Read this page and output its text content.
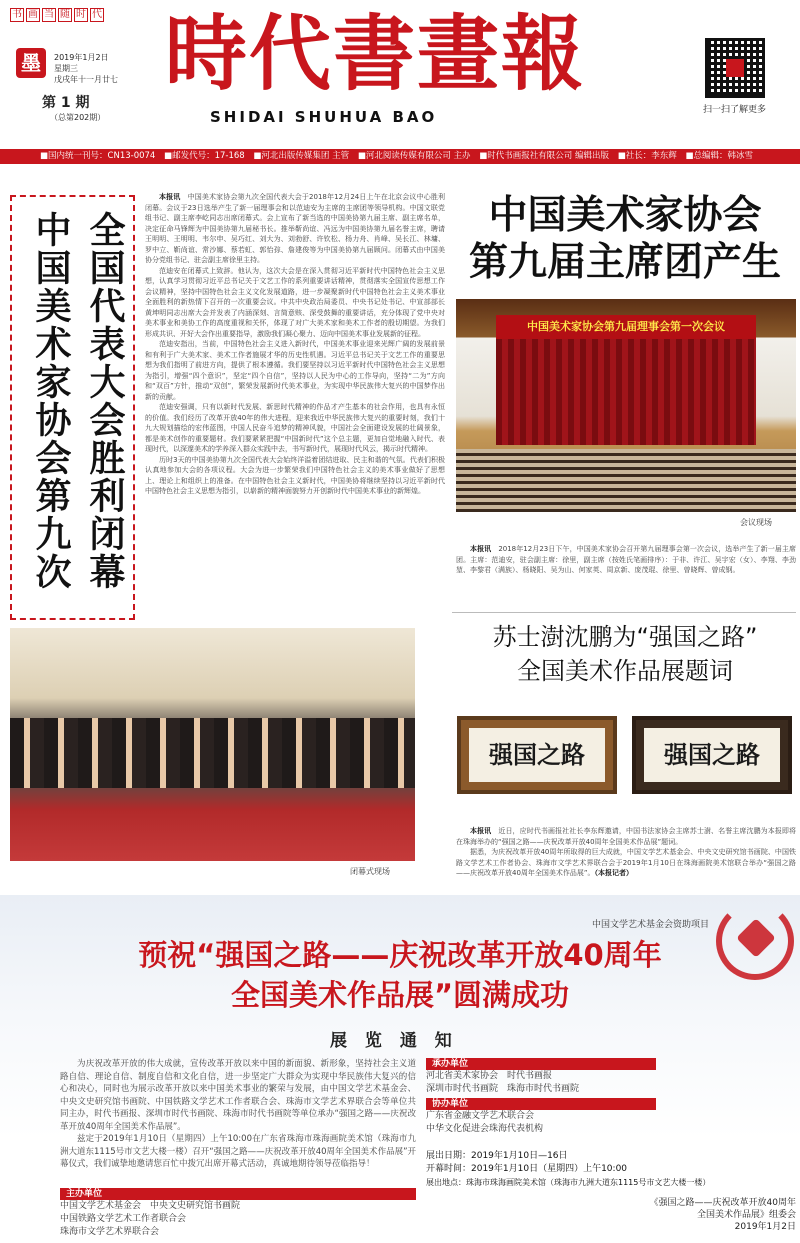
书 画 当 随 时 代
墨	2019年1月2日
星期三
戊戌年十一月廿七
第 1 期
（总第202期）
時代書畫報
SHIDAI SHUHUA BAO	扫一扫了解更多
■国内统一刊号：CN13-0074 ■邮发代号：17-168 ■河北出版传媒集团 主管 ■河北阅读传媒有限公司 主办 ■时代书画报社有限公司 编辑出版 ■社长：李东辉 ■总编辑：韩冰雪
全国代表大会胜利闭幕
中国美术家协会第九次

本报讯　 中国美术家协会第九次全国代表大会于2018年12月24日上午在北京会议中心胜利闭幕。会议于23日选举产生了新一届理事会和以范迪安为主席的主席团等领导机构。中国文联党组书记、副主席李屹同志出席闭幕式。会上宣布了新当选的中国美协第九届主席、副主席名单，决定征命马锋辉为中国美协第九届秘书长。推举靳尚谊、冯远为中国美协第九届名誉主席，聘请王明明、王明明、韦尔申、吴巧红、刘大为、刘勃舒、许钦松、杨力舟、肖峰、吴长江、林墉、罗中立、靳尚谊、常沙娜、蔡若虹、郭怡孮、詹建俊等为中国美协第九届顾问。闭幕式由中国美协分党组书记、驻会副主席徐里主持。

范迪安在闭幕式上致辞。他认为，这次大会是在深入贯彻习近平新时代中国特色社会主义思想，认真学习贯彻习近平总书记关于文艺工作的系列重要讲话精神，贯彻落实全国宣传思想工作会议精神，坚持中国特色社会主义文化发展道路，进一步凝聚新时代中国特色社会主义美术事业全面胜利的新热情下召开的一次重要会议。中共中央政治局委员、中央书记处书记、中宣部部长黄坤明同志出席大会并发表了内涵深刻、言简意赅、深受鼓舞的重要讲话，充分体现了党中央对美术事业和美协工作的高度重视和关怀，体现了对广大美术家和美术工作者的殷切期望。为我们形成共识、开好大会作出重要指导，激励我们凝心聚力、迈向中国美术事业发展新的征程。

范迪安指出，当前，中国特色社会主义进入新时代，中国美术事业迎来光辉广阔的发展前景和有利于广大美术家、美术工作者施展才华的历史性机遇。习近平总书记关于文艺工作的重要思想为我们指明了前进方向，提供了根本遵循。我们要坚持以习近平新时代中国特色社会主义思想为指引，增强“四个意识”，坚定“四个自信”，坚持以人民为中心的工作导向，坚持“二为”方向和“双百”方针，推动“双创”，繁荣发展新时代美术事业，为实现中华民族伟大复兴的中国梦作出新的贡献。

范迪安强调，只有以新时代发展、新思时代精神的作品才产生基本的社会作用，也具有永恒的价值。我们经历了改革开放40年的伟大进程，迎来我近中华民族伟大复兴的重要时刻，我们十九大规划描绘的宏伟蓝图，中国人民奋斗追梦的精神风貌，中国社会全面建设发展的壮阔景象，都是美术创作的重要题材。我们要紧紧把握“中国新时代”这个总主题，更加自觉地融入时代、表现时代，以深邃美术的学养深入群众实践中去，书写新时代，展现时代风云，揭示时代精神。

历时3天的中国美协第九次全国代表大会始终洋溢着团结进取、民主和谐的气氛。代表们积极认真地参加大会的各项议程。大会为进一步繁荣我们中国特色社会主义的美术事业做好了思想上、理论上和组织上的准备。在中国特色社会主义新时代，中国美协将继续坚持以习近平新时代中国特色社会主义思想为指引，以崭新的精神面貌努力开创新时代中国美术事业的新辉煌。

中国美术家协会
第九届主席团产生
中国美术家协会第九届理事会第一次会议
会议现场

本报讯　 2018年12月23日下午，中国美术家协会召开第九届理事会第一次会议，选举产生了新一届主席团。主席：范迪安，驻会副主席：徐里，副主席（按姓氏笔画排序）：于非、许江、吴宇宏（女）、李翔、李劲堃、李黎君（满族）、杨晓阳、吴为山、何家英、周京新、庞茂琨、徐里、曾晓辉、曾成钢。

闭幕式现场
苏士澍沈鹏为“强国之路”
全国美术作品展题词
强国之路	强国之路

本报讯　 近日，应时代书画报社社长李东辉邀请，中国书法家协会主席苏士澍、名誉主席沈鹏为本报即将在珠海举办的“强国之路——庆祝改革开放40周年全国美术作品展”题词。

据悉，为庆祝改革开放40周年所取得的巨大成就，中国文学艺术基金会、中央文史研究馆书画院、中国铁路文学艺术工作者协会、珠海市文学艺术界联合会于2019年1月10日在珠海画院美术馆联合举办“强国之路——庆祝改革开放40周年全国美术作品展”。（本报记者）

中国文学艺术基金会资助项目
预祝“强国之路——庆祝改革开放40周年
全国美术作品展”圆满成功
展 览 通 知

为庆祝改革开放的伟大成就，宣传改革开放以来中国的新面貌、新形象，坚持社会主义道路自信、理论自信、制度自信和文化自信，进一步坚定广大群众为实现中华民族伟大复兴的信心和决心，同时也为展示改革开放以来中国美术事业的繁荣与发展，由中国文学艺术基金会、中央文史研究馆书画院、中国铁路文学艺术工作者联合会、珠海市文学艺术界联合会等单位共同主办，时代书画报、深圳市时代书画院、珠海市时代书画院等单位承办“强国之路——庆祝改革开放40周年全国美术作品展”。

兹定于2019年1月10日（星期四）上午10:00在广东省珠海市珠海画院美术馆（珠海市九洲大道东1115号市文艺大楼一楼）召开“强国之路——庆祝改革开放40周年全国美术作品展”开幕仪式，我们诚挚地邀请您百忙中拨冗出席开幕式活动，真诚地期待领导莅临指导！

主办单位
中国文学艺术基金会　中央文史研究馆书画院
中国铁路文学艺术工作者联合会
珠海市文学艺术界联合会
承办单位
河北省美术家协会　时代书画报
深圳市时代书画院　珠海市时代书画院
协办单位
广东省金融文学艺术联合会
中华文化促进会珠海代表机构
展出日期：2019年1月10日—16日
开幕时间：2019年1月10日（星期四）上午10:00
展出地点：珠海市珠海画院美术馆（珠海市九洲大道东1115号市文艺大楼一楼）
《强国之路——庆祝改革开放40周年
全国美术作品展》组委会
2019年1月2日
